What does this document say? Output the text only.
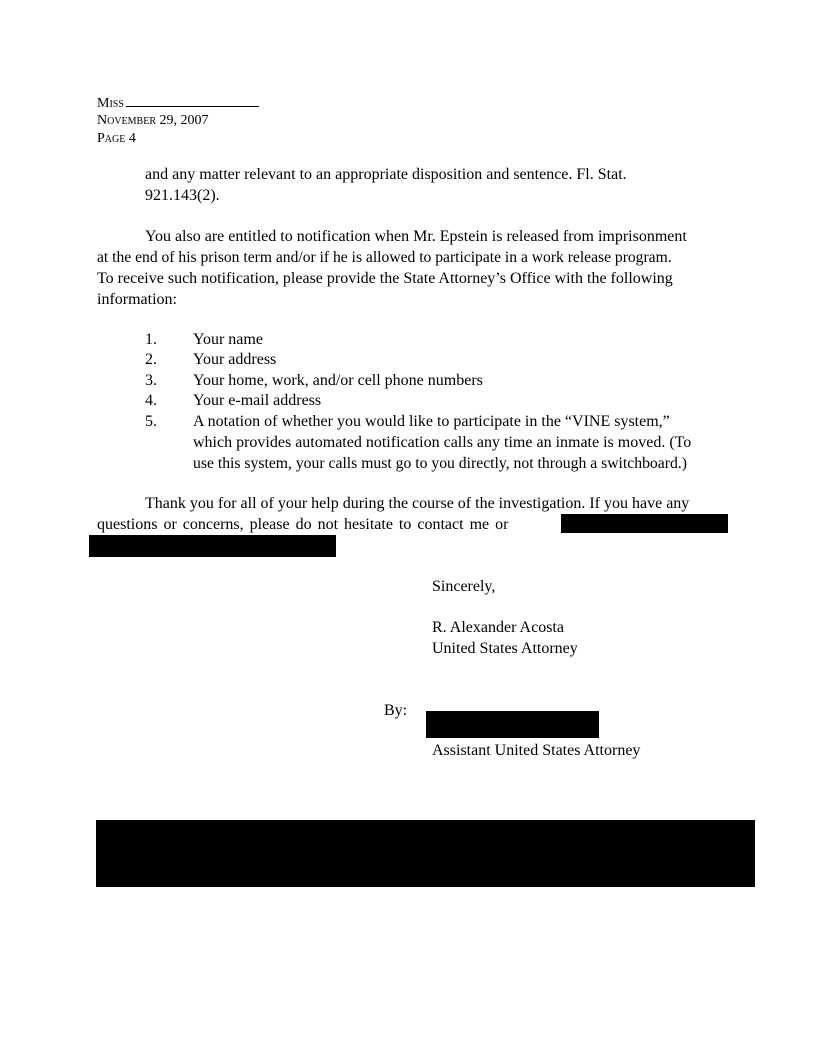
Miss
November 29, 2007
Page 4
and any matter relevant to an appropriate disposition and sentence. Fl. Stat.
921.143(2).
You also are entitled to notification when Mr. Epstein is released from imprisonment
at the end of his prison term and/or if he is allowed to participate in a work release program.
To receive such notification, please provide the State Attorney’s Office with the following
information:
1. Your name
2. Your address
3. Your home, work, and/or cell phone numbers
4. Your e-mail address
5. A notation of whether you would like to participate in the “VINE system,”
which provides automated notification calls any time an inmate is moved. (To
use this system, your calls must go to you directly, not through a switchboard.)
Thank you for all of your help during the course of the investigation. If you have any
questions or concerns, please do not hesitate to contact me or
Sincerely,
R. Alexander Acosta
United States Attorney
By:
Assistant United States Attorney
